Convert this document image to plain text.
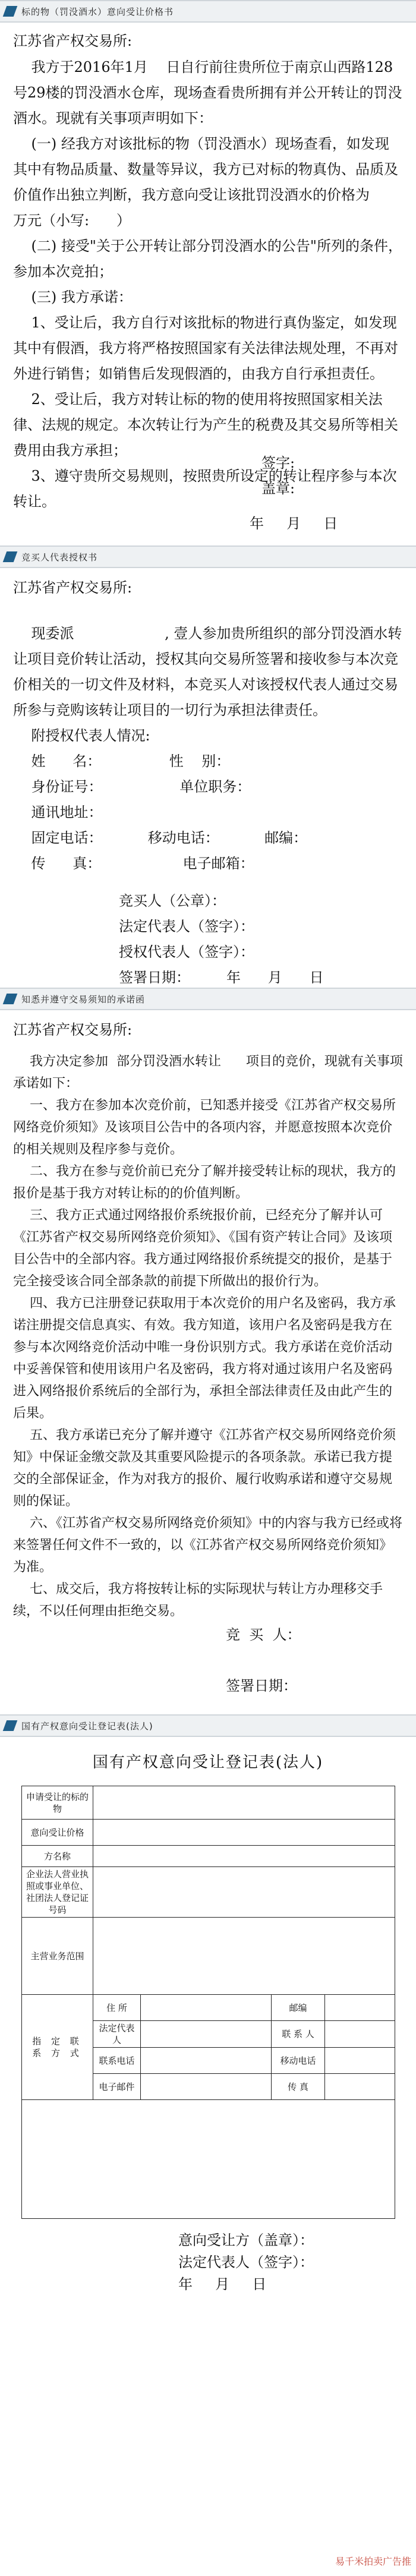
标的物（罚没酒水）意向受让价格书
江苏省产权交易所:
我方于2016年1月    日自行前往贵所位于南京山西路128号29楼的罚没酒水仓库，现场查看贵所拥有并公开转让的罚没酒水。现就有关事项声明如下：
(一) 经我方对该批标的物（罚没酒水）现场查看，如发现其中有物品质量、数量等异议，我方已对标的物真伪、品质及价值作出独立判断，我方意向受让该批罚没酒水的价格为          万元（小写:      ）
(二) 接受"关于公开转让部分罚没酒水的公告"所列的条件，参加本次竞拍；
(三) 我方承诺：
1、受让后，我方自行对该批标的物进行真伪鉴定，如发现其中有假酒，我方将严格按照国家有关法律法规处理，不再对外进行销售；如销售后发现假酒的，由我方自行承担责任。
2、受让后，我方对转让标的物的使用将按照国家相关法律、法规的规定。本次转让行为产生的税费及其交易所等相关费用由我方承担；
3、遵守贵所交易规则，按照贵所设定的转让程序参与本次转让。
签字:
盖章:
年     月     日
竞买人代表授权书
江苏省产权交易所:
现委派                    , 壹人参加贵所组织的部分罚没酒水转让项目竞价转让活动，授权其向交易所签署和接收参与本次竞价相关的一切文件及材料，本竞买人对该授权代表人通过交易所参与竞购该转让项目的一切行为承担法律责任。
附授权代表人情况:
姓      名：               性    别：
身份证号：                 单位职务：
通讯地址：
固定电话：          移动电话：          邮编：
传      真：                  电子邮箱：
竞买人（公章）：
法定代表人（签字）：
授权代表人（签字）：
签署日期：        年      月      日
知悉并遵守交易须知的承诺函
江苏省产权交易所:
我方决定参加  部分罚没酒水转让      项目的竞价，现就有关事项承诺如下：
一、我方在参加本次竞价前，已知悉并接受《江苏省产权交易所网络竞价须知》及该项目公告中的各项内容，并愿意按照本次竞价的相关规则及程序参与竞价。
二、我方在参与竞价前已充分了解并接受转让标的现状，我方的报价是基于我方对转让标的的价值判断。
三、我方正式通过网络报价系统报价前，已经充分了解并认可《江苏省产权交易所网络竞价须知》、《国有资产转让合同》及该项目公告中的全部内容。我方通过网络报价系统提交的报价，是基于完全接受该合同全部条款的前提下所做出的报价行为。
四、我方已注册登记获取用于本次竞价的用户名及密码，我方承诺注册提交信息真实、有效。我方知道，该用户名及密码是我方在参与本次网络竞价活动中唯一身份识别方式。我方承诺在竞价活动中妥善保管和使用该用户名及密码，我方将对通过该用户名及密码进入网络报价系统后的全部行为，承担全部法律责任及由此产生的后果。
五、我方承诺已充分了解并遵守《江苏省产权交易所网络竞价须知》中保证金缴交款及其重要风险提示的各项条款。承诺已我方提交的全部保证金，作为对我方的报价、履行收购承诺和遵守交易规则的保证。
六、《江苏省产权交易所网络竞价须知》中的内容与我方已经或将来签署任何文件不一致的，以《江苏省产权交易所网络竞价须知》为准。
七、成交后，我方将按转让标的实际现状与转让方办理移交手续，不以任何理由拒绝交易。
竞  买  人：

签署日期：
国有产权意向受让登记表(法人)
国有产权意向受让登记表(法人)
申请受让的标的物				
意向受让价格				
方名称				
企业法人营业执照或事业单位、社团法人登记证号码				
主营业务范围				
指 定 联 系 方 式	住 所		邮编	
	法定代表人		联 系 人	
	联系电话		移动电话	
	电子邮件		传 真	

意向受让方（盖章）：
法定代表人（签字）：
年     月     日
易千米拍卖广告推
